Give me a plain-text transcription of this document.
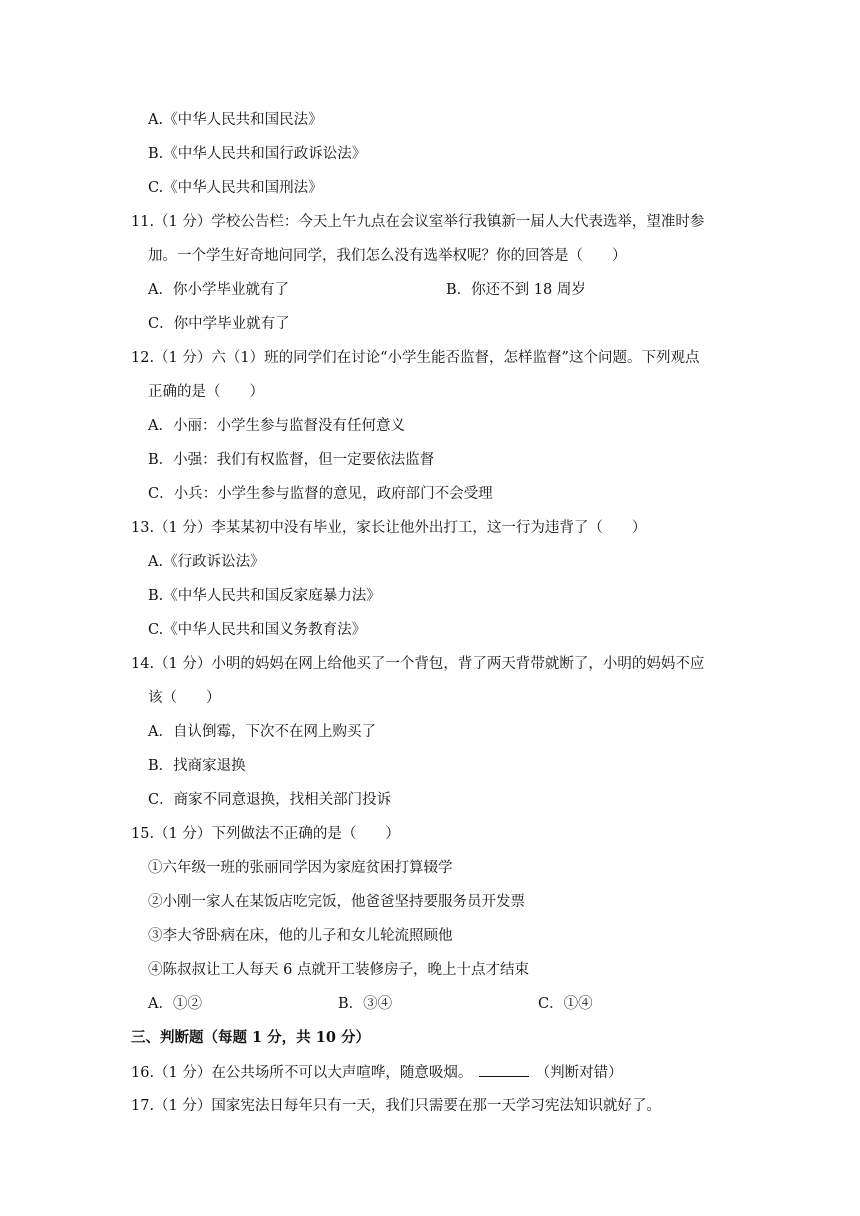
A.《中华人民共和国民法》
B.《中华人民共和国行政诉讼法》
C.《中华人民共和国刑法》
11.（1 分）学校公告栏：今天上午九点在会议室举行我镇新一届人大代表选举，望准时参
加。一个学生好奇地问同学，我们怎么没有选举权呢？你的回答是（　　）
A．你小学毕业就有了	B．你还不到 18 周岁
C．你中学毕业就有了
12.（1 分）六（1）班的同学们在讨论“小学生能否监督，怎样监督”这个问题。下列观点
正确的是（　　）
A．小丽：小学生参与监督没有任何意义
B．小强：我们有权监督，但一定要依法监督
C．小兵：小学生参与监督的意见，政府部门不会受理
13.（1 分）李某某初中没有毕业，家长让他外出打工，这一行为违背了（　　）
A.《行政诉讼法》
B.《中华人民共和国反家庭暴力法》
C.《中华人民共和国义务教育法》
14.（1 分）小明的妈妈在网上给他买了一个背包，背了两天背带就断了，小明的妈妈不应
该（　　）
A．自认倒霉，下次不在网上购买了
B．找商家退换
C．商家不同意退换，找相关部门投诉
15.（1 分）下列做法不正确的是（　　）
①六年级一班的张丽同学因为家庭贫困打算辍学
②小刚一家人在某饭店吃完饭，他爸爸坚持要服务员开发票
③李大爷卧病在床，他的儿子和女儿轮流照顾他
④陈叔叔让工人每天 6 点就开工装修房子，晚上十点才结束
A．①②	B．③④	C．①④
三、判断题（每题 1 分，共 10 分）
16.（1 分）在公共场所不可以大声喧哗，随意吸烟。	（判断对错）
17.（1 分）国家宪法日每年只有一天，我们只需要在那一天学习宪法知识就好了。
